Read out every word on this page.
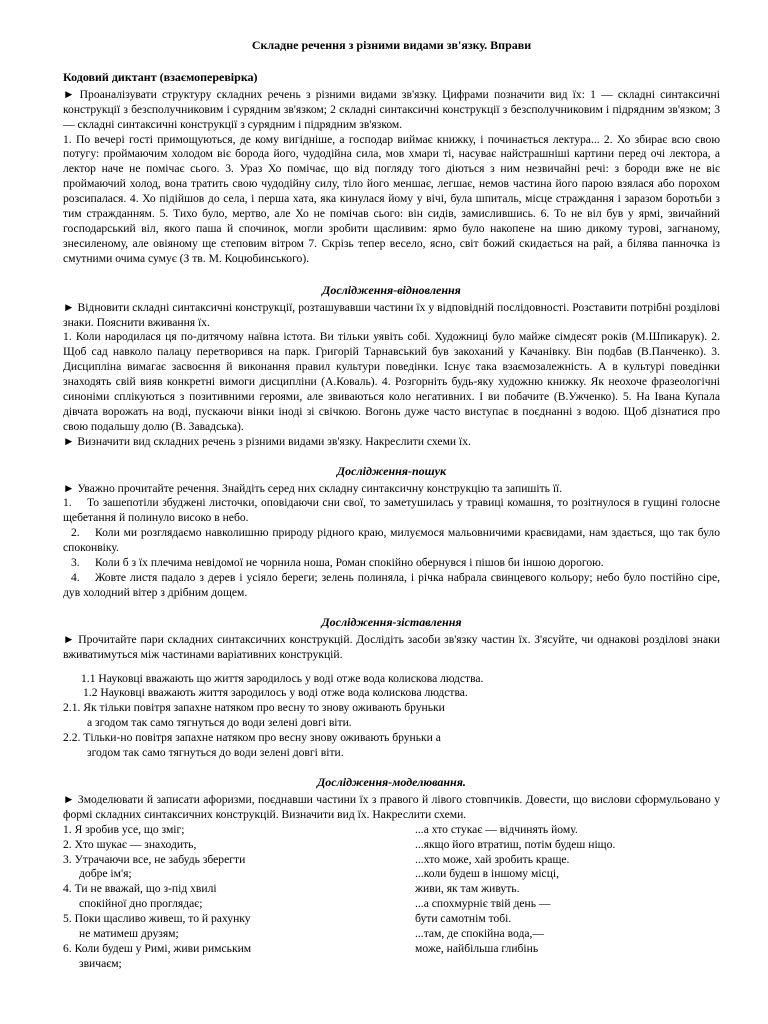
Складне речення з різними видами зв'язку. Вправи

Кодовий диктант (взаємоперевірка)

► Проаналізувати структуру складних речень з різними видами зв'язку. Цифрами позначити вид їх: 1 — складні синтаксичні конструкції з безсполучниковим і сурядним зв'язком; 2 складні синтаксичні конструкції з безсполучниковим і підрядним зв'язком; 3 — складні синтаксичні конструкції з сурядним і підрядним зв'язком.

1. По вечері гості примощуються, де кому вигідніше, а господар виймає книжку, і починається лектура... 2. Хо збирає всю свою потугу: проймаючим холодом віє борода його, чудодійна сила, мов хмари ті, насуває найстрашніші картини перед очі лектора, а лектор наче не помічає сього. 3. Ураз Хо помічає, що від погляду того діються з ним незвичайні речі: з бороди вже не віє проймаючий холод, вона тратить свою чудодійну силу, тіло його меншає, легшає, немов частина його парою взялася або порохом розсипалася. 4. Хо підійшов до села, і перша хата, яка кинулася йому у вічі, була шпиталь, місце страждання і заразом боротьби з тим стражданням. 5. Тихо було, мертво, але Хо не помічав сього: він сидів, замислившись. 6. То не віл був у ярмі, звичайний господарський віл, якого паша й спочинок, могли зробити щасливим: ярмо було накопене на шию дикому турові, загнаному, знесиленому, але овіяному ще степовим вітром 7. Скрізь тепер весело, ясно, світ божий скидається на рай, а білява панночка із смутними очима сумує (З тв. М. Коцюбинського).

Дослідження-відновлення

► Відновити складні синтаксичні конструкції, розташувавши частини їх у відповідній послідовності. Розставити потрібні розділові знаки. Пояснити вживання їх.

1. Коли народилася ця по-дитячому наївна істота. Ви тільки уявіть собі. Художниці було майже сімдесят років (М.Шпикарук). 2. Щоб сад навколо палацу перетворився на парк. Григорій Тарнавський був закоханий у Качанівку. Він подбав (В.Панченко). 3. Дисципліна вимагає засвоєння й виконання правил культури поведінки. Існує така взаємозалежність. А в культурі поведінки знаходять свій вияв конкретні вимоги дисципліни (А.Коваль). 4. Розгорніть будь-яку художню книжку. Як неохоче фразеологічні синоніми сплікуються з позитивними героями, але звиваються коло негативних. І ви побачите (В.Ужченко). 5. На Івана Купала дівчата ворожать на воді, пускаючи вінки іноді зі свічкою. Вогонь дуже часто виступає в поєднанні з водою. Щоб дізнатися про свою подальшу долю (В. Завадська).

► Визначити вид складних речень з різними видами зв'язку. Накреслити схеми їх.

Дослідження-пошук

► Уважно прочитайте речення. Знайдіть серед них складну синтаксичну конструкцію та запишіть її.

1. То зашепотіли збуджені листочки, оповідаючи сни свої, то заметушилась у травиці комашня, то розітнулося в гущині голосне щебетання й полинуло високо в небо.

2. Коли ми розглядаємо навколишню природу рідного краю, милуємося мальовничими краєвидами, нам здається, що так було споконвіку.

3. Коли б з їх плечима невідомої не чорнила ноша, Роман спокійно обернувся і пішов би іншою дорогою.

4. Жовте листя падало з дерев і усіяло береги; зелень полиняла, і річка набрала свинцевого кольору; небо було постійно сіре, дув холодний вітер з дрібним дощем.

Дослідження-зіставлення

► Прочитайте пари складних синтаксичних конструкцій. Дослідіть засоби зв'язку частин їх. З'ясуйте, чи однакові розділові знаки вживатимуться між частинами варіативних конструкцій.

1.1 Науковці вважають що життя зародилось у воді отже вода колискова людства.

1.2 Науковці вважають життя зародилось у воді отже вода колискова людства.

2.1. Як тільки повітря запахне натяком про весну то знову оживають бруньки

а згодом так само тягнуться до води зелені довгі віти.

2.2. Тільки-но повітря запахне натяком про весну знову оживають бруньки а

згодом так само тягнуться до води зелені довгі віти.

Дослідження-моделювання.

► Змоделювати й записати афоризми, поєднавши частини їх з правого й лівого стовпчиків. Довести, що вислови сформульовано у формі складних синтаксичних конструкцій. Визначити вид їх. Накреслити схеми.

1. Я зробив усе, що зміг;	...а хто стукає — відчинять йому.
2. Хто шукає — знаходить,	...якщо його втратиш, потім будеш ніщо.
3. Утрачаючи все, не забудь зберегти	...хто може, хай зробить краще.
добре ім'я;	...коли будеш в іншому місці,
4. Ти не вважай, що з-під хвилі	живи, як там живуть.
спокійної дно проглядає;	...а спохмурніє твій день —
5. Поки щасливо живеш, то й рахунку	бути самотнім тобі.
не матимеш друзям;	...там, де спокійна вода,—
6. Коли будеш у Римі, живи римським	може, найбільша глибінь
звичаєм;
